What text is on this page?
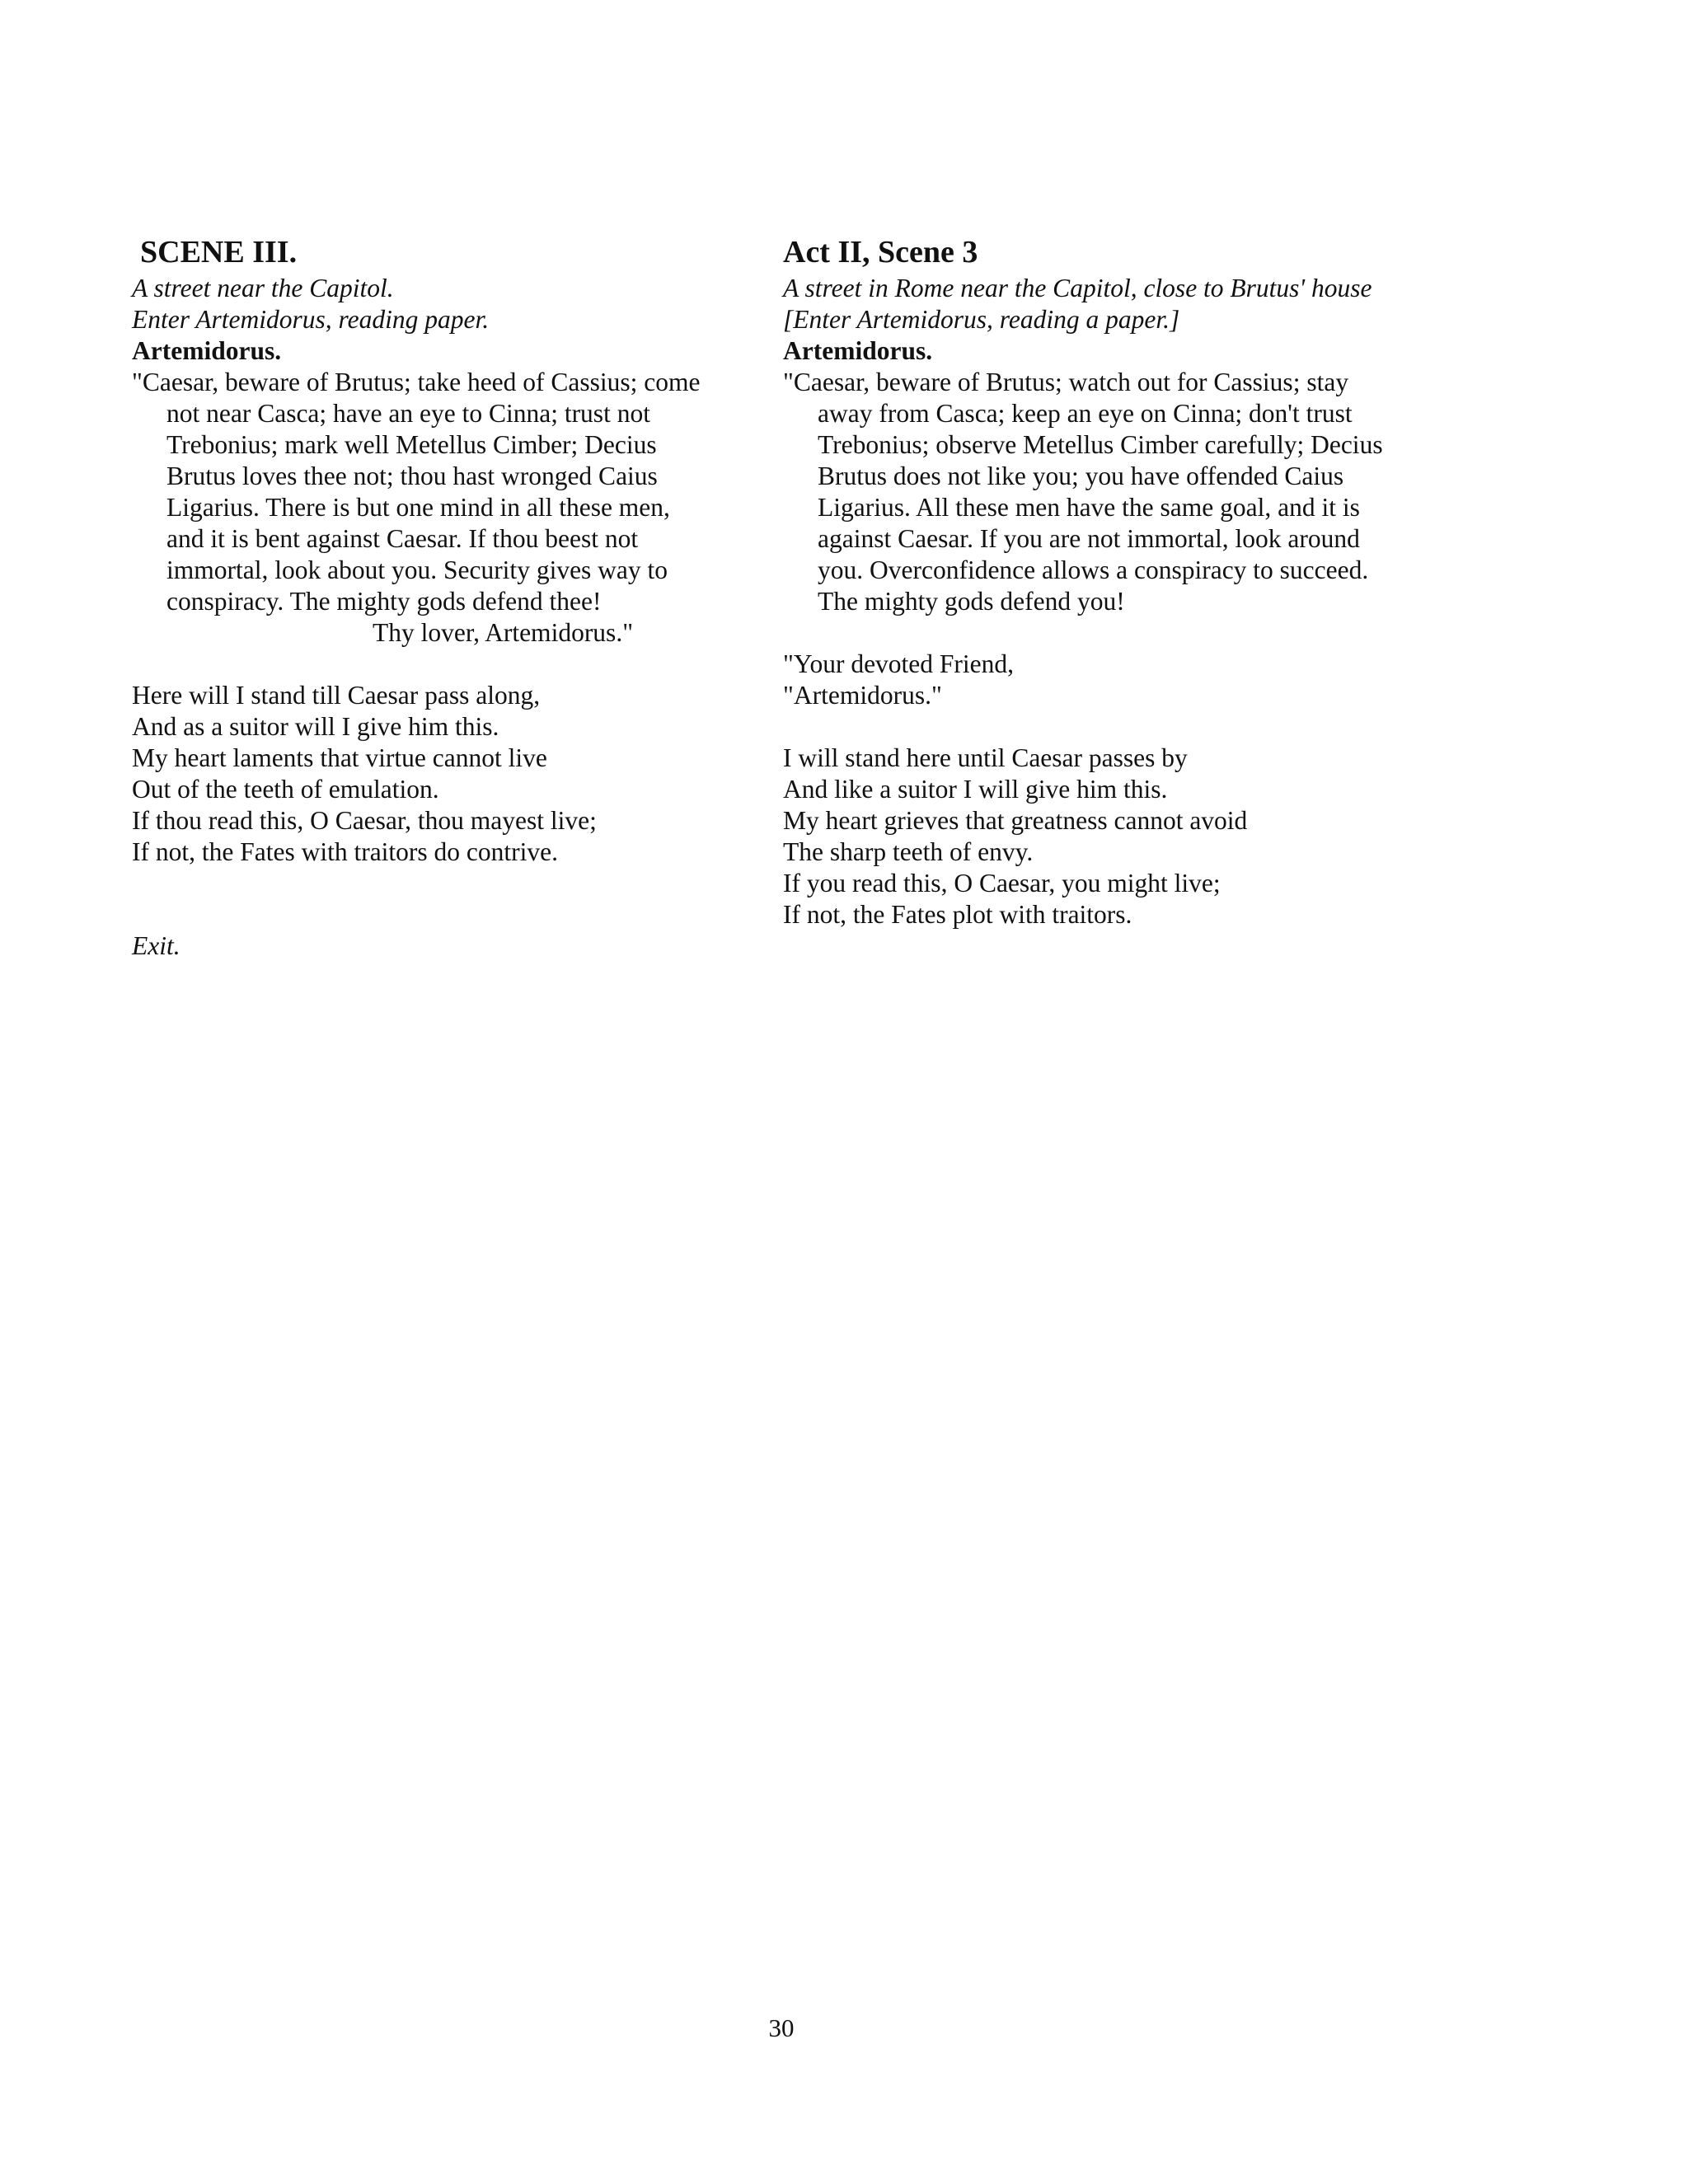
SCENE III.
A street near the Capitol.
Enter Artemidorus, reading paper.
Artemidorus.
"Caesar, beware of Brutus; take heed of Cassius; come
not near Casca; have an eye to Cinna; trust not
Trebonius; mark well Metellus Cimber; Decius
Brutus loves thee not; thou hast wronged Caius
Ligarius. There is but one mind in all these men,
and it is bent against Caesar. If thou beest not
immortal, look about you. Security gives way to
conspiracy. The mighty gods defend thee!
Thy lover, Artemidorus."
Here will I stand till Caesar pass along,
And as a suitor will I give him this.
My heart laments that virtue cannot live
Out of the teeth of emulation.
If thou read this, O Caesar, thou mayest live;
If not, the Fates with traitors do contrive.
Exit.
Act II, Scene 3
A street in Rome near the Capitol, close to Brutus' house
[Enter Artemidorus, reading a paper.]
Artemidorus.
"Caesar, beware of Brutus; watch out for Cassius; stay
away from Casca; keep an eye on Cinna; don't trust
Trebonius; observe Metellus Cimber carefully; Decius
Brutus does not like you; you have offended Caius
Ligarius. All these men have the same goal, and it is
against Caesar. If you are not immortal, look around
you. Overconfidence allows a conspiracy to succeed.
The mighty gods defend you!
"Your devoted Friend,
"Artemidorus."
I will stand here until Caesar passes by
And like a suitor I will give him this.
My heart grieves that greatness cannot avoid
The sharp teeth of envy.
If you read this, O Caesar, you might live;
If not, the Fates plot with traitors.
30
